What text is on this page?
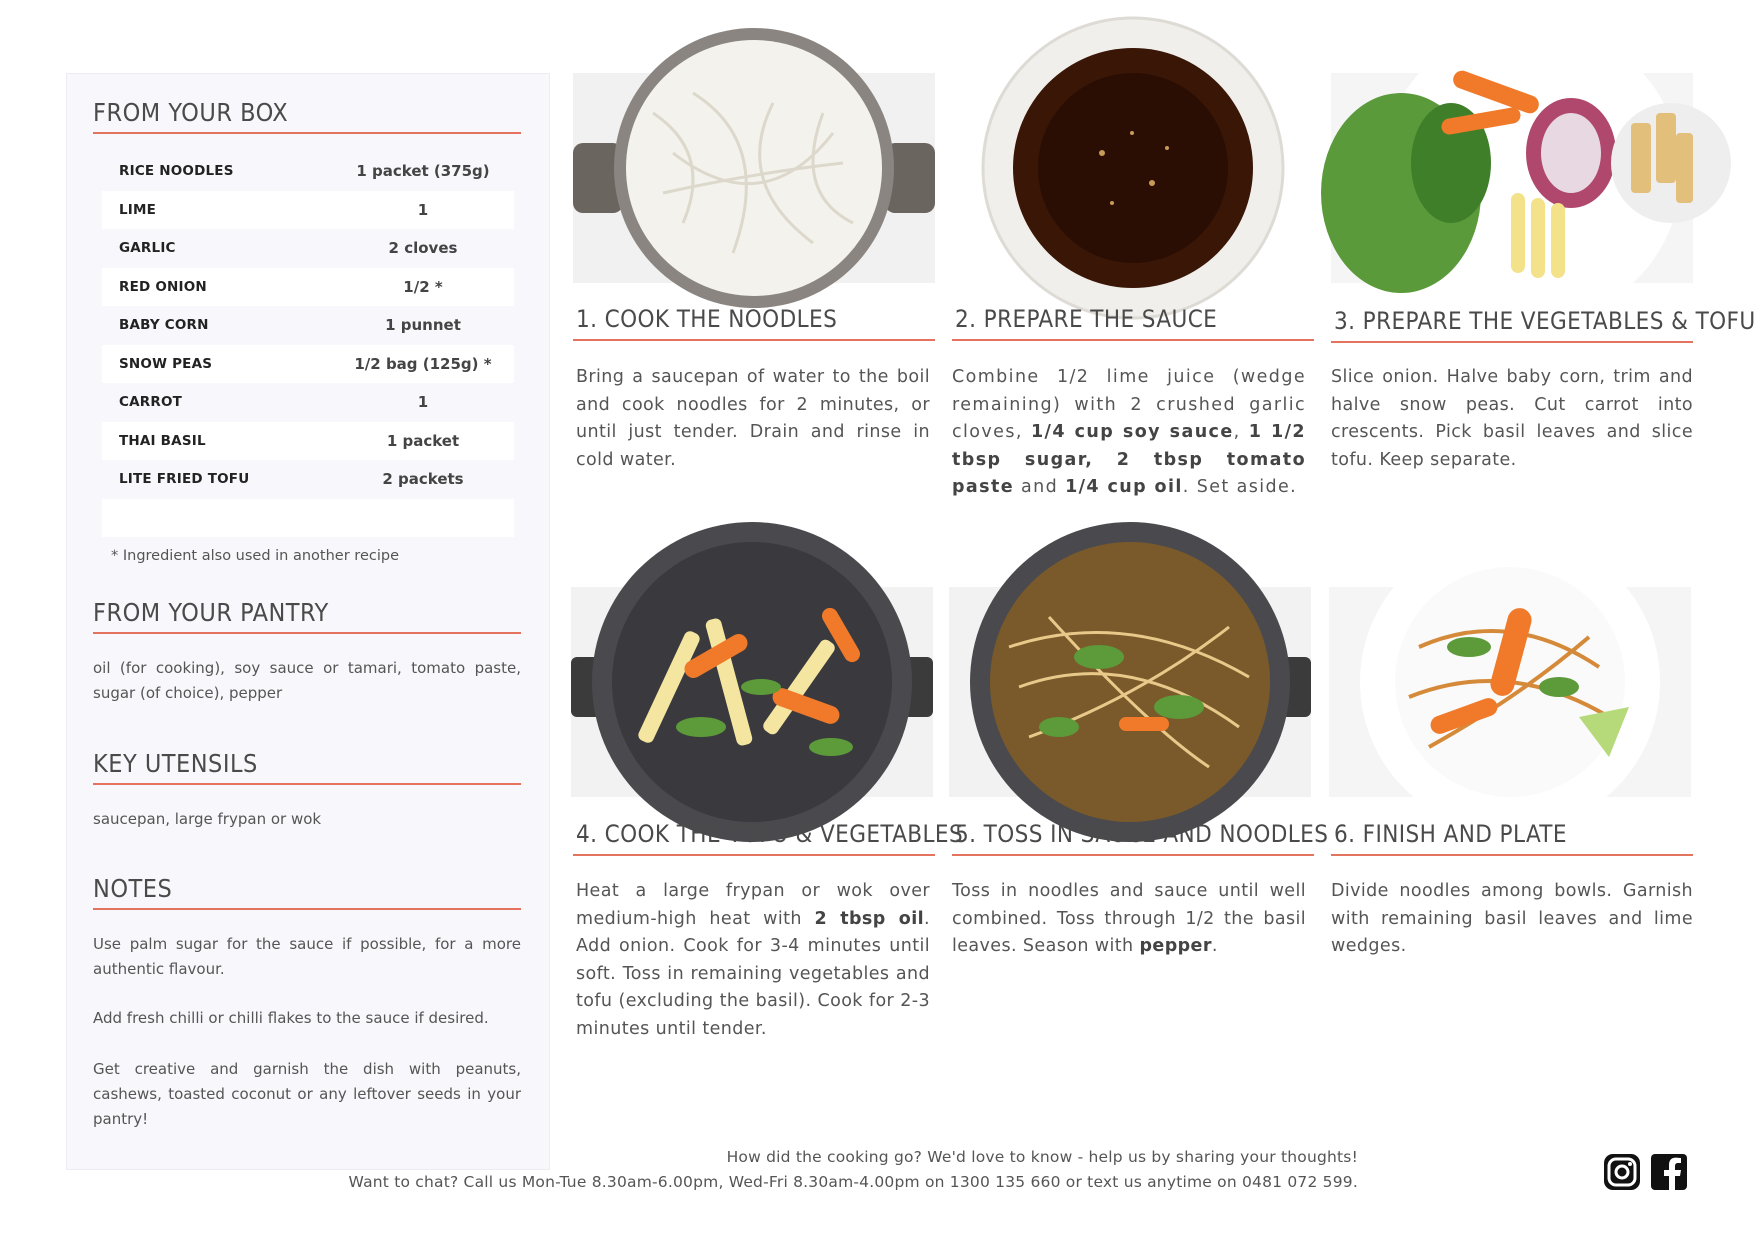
FROM YOUR BOX
RICE NOODLES	1 packet (375g)
LIME	1
GARLIC	2 cloves
RED ONION	1/2 *
BABY CORN	1 punnet
SNOW PEAS	1/2 bag (125g) *
CARROT	1
THAI BASIL	1 packet
LITE FRIED TOFU	2 packets
* Ingredient also used in another recipe
FROM YOUR PANTRY
oil (for cooking), soy sauce or tamari, tomato paste, sugar (of choice), pepper
KEY UTENSILS
saucepan, large frypan or wok
NOTES
Use palm sugar for the sauce if possible, for a more authentic flavour.
Add fresh chilli or chilli flakes to the sauce if desired.
Get creative and garnish the dish with peanuts, cashews, toasted coconut or any leftover seeds in your pantry!
1. COOK THE NOODLES	2. PREPARE THE SAUCE	3. PREPARE THE VEGETABLES & TOFU
Bring a saucepan of water to the boil and cook noodles for 2 minutes, or until just tender. Drain and rinse in cold water.
Combine 1/2 lime juice (wedge remaining) with 2 crushed garlic cloves, 1/4 cup soy sauce, 1 1/2 tbsp sugar, 2 tbsp tomato paste and 1/4 cup oil. Set aside.
Slice onion. Halve baby corn, trim and halve snow peas. Cut carrot into crescents. Pick basil leaves and slice tofu. Keep separate.
4. COOK THE TOFU & VEGETABLES
5. TOSS IN SAUCE AND NOODLES 6. FINISH AND PLATE
Heat a large frypan or wok over medium-high heat with 2 tbsp oil. Add onion. Cook for 3-4 minutes until soft. Toss in remaining vegetables and tofu (excluding the basil). Cook for 2-3 minutes until tender.
Toss in noodles and sauce until well combined. Toss through 1/2 the basil leaves. Season with pepper.
Divide noodles among bowls. Garnish with remaining basil leaves and lime wedges.
How did the cooking go? We'd love to know - help us by sharing your thoughts!
Want to chat? Call us Mon-Tue 8.30am-6.00pm, Wed-Fri 8.30am-4.00pm on 1300 135 660 or text us anytime on 0481 072 599.
